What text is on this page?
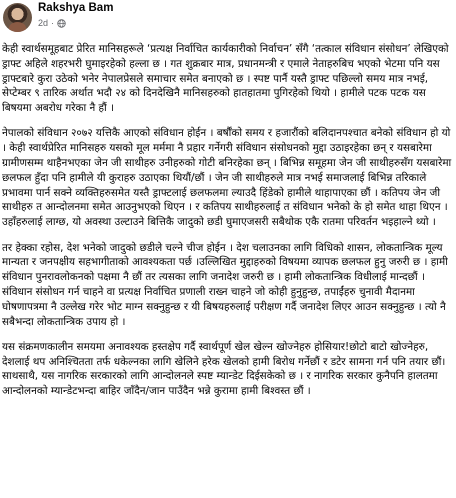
Rakshya Bam
2d ·

केही स्वार्थसमूहबाट प्रेरित मानिसहरूले ‘प्रत्यक्ष निर्वाचित कार्यकारीको निर्वाचन’ सँगै ‘तत्काल संविधान संसोधन’ लेखिएको ड्राफ्ट अहिले शहरभरी घुमाइरहेको हल्ला छ । गत शुक्रबार मात्र, प्रधानमन्त्री र एमाले नेताहरुबिच भएको भेटमा पनि यस ड्राफ्टबारे कुरा उठेको भनेर नेपालप्रेसले समाचार समेत बनाएको छ । स्पष्ट पार्नै यस्तै ड्राफ्ट पछिल्लो समय मात्र नभई, सेप्टेम्बर ९ तारिक अर्थात भदौ २४ को दिनदेखिनै मानिसहरुको हातहातमा पुगिरहेको थियो । हामीले पटक पटक यस बिषयमा अबरोध गरेका नै हौं ।

नेपालको संविधान २०७२ यत्तिकै आएको संविधान होईन । बर्षौंको समय र हजारौंको बलिदानपश्चात बनेको संविधान हो यो । केही स्वार्थप्रेरित मानिसहरु यसको मूल मर्ममा नै प्रहार गर्नेगरी संविधान संसोधनको मुद्दा उठाइरहेका छन् र यसबारेमा ग्रामीणसम्म थाहैनभएका जेन जी साथीहरु उनीहरुको गोटी बनिरहेका छन् । बिभिन्न समूहमा जेन जी साथीहरुसँग यसबारेमा छलफल हुँदा पनि हामीले यी कुराहरु उठाएका थियौं/छौं । जेन जी साथीहरुले मात्र नभई समाजलाई बिभिन्न तरिकाले प्रभावमा पार्न सक्ने व्यक्तिहरुसमेत यस्तै ड्राफ्टलाई छलफलमा ल्याउदै हिंडेको हामीले थाहापाएका छौं । कतिपय जेन जी साथीहरु त आन्दोलनमा समेत आउनुभएको थिएन । र कतिपय साथीहरुलाई त संविधान भनेको के हो समेत थाहा थिएन । उहाँहरुलाई लाग्छ, यो अवस्था उल्टाउने बित्तिकै जादुको छडी घुमाएजसरी सबैथोक एकै रातमा परिवर्तन भइहाल्ने थ्यो ।

तर हेक्का रहोस, देश भनेको जादुको छडीले चल्ने चीज होईन । देश चलाउनका लागि विधिको शासन, लोकतान्त्रिक मूल्य मान्यता र जनपक्षीय सहभागीताको आवश्यकता पर्छ ।उल्लिखित मुद्दाहरुको विषयमा व्यापक छलफल हुनु जरुरी छ । हामी संविधान पुनरावलोकनको पक्षमा नै छौं तर त्यसका लागि जनादेश जरुरी छ । हामी लोकतान्त्रिक विधीलाई मान्दछौं । संविधान संसोधन गर्न चाहने वा प्रत्यक्ष निर्वाचित प्रणाली राख्न चाहने जो कोही हुनुहुन्छ, तपाईंहरु चुनावी मैदानमा घोषणापत्रमा नै उल्लेख गरेर भोट माग्न सक्नुहुन्छ र यी बिषयहरुलाई परीक्षण गर्दै जनादेश लिएर आउन सक्नुहुन्छ । त्यो नै सबैभन्दा लोकतान्त्रिक उपाय हो ।

यस संक्रमणकालीन समयमा अनावश्यक हस्तक्षेप गर्दै स्वार्थपूर्ण खेल खेल्न खोज्नेहरु होसियार!छोटो बाटो खोज्नेहरु, देशलाई थप अनिश्चितता तर्फ धकेल्नका लागि खेलिने हरेक खेलको हामी बिरोध गर्नेछौं र डटेर सामना गर्न पनि तयार छौं।साथसाथै, यस नागरिक सरकारको लागि आन्दोलनले स्पष्ट म्यान्डेट दिईसकेको छ । र नागरिक सरकार कुनैपनि हालतमा आन्दोलनको म्यान्डेटभन्दा बाहिर जाँदैन/जान पाउँदैन भन्ने कुरामा हामी बिश्वस्त छौं ।
